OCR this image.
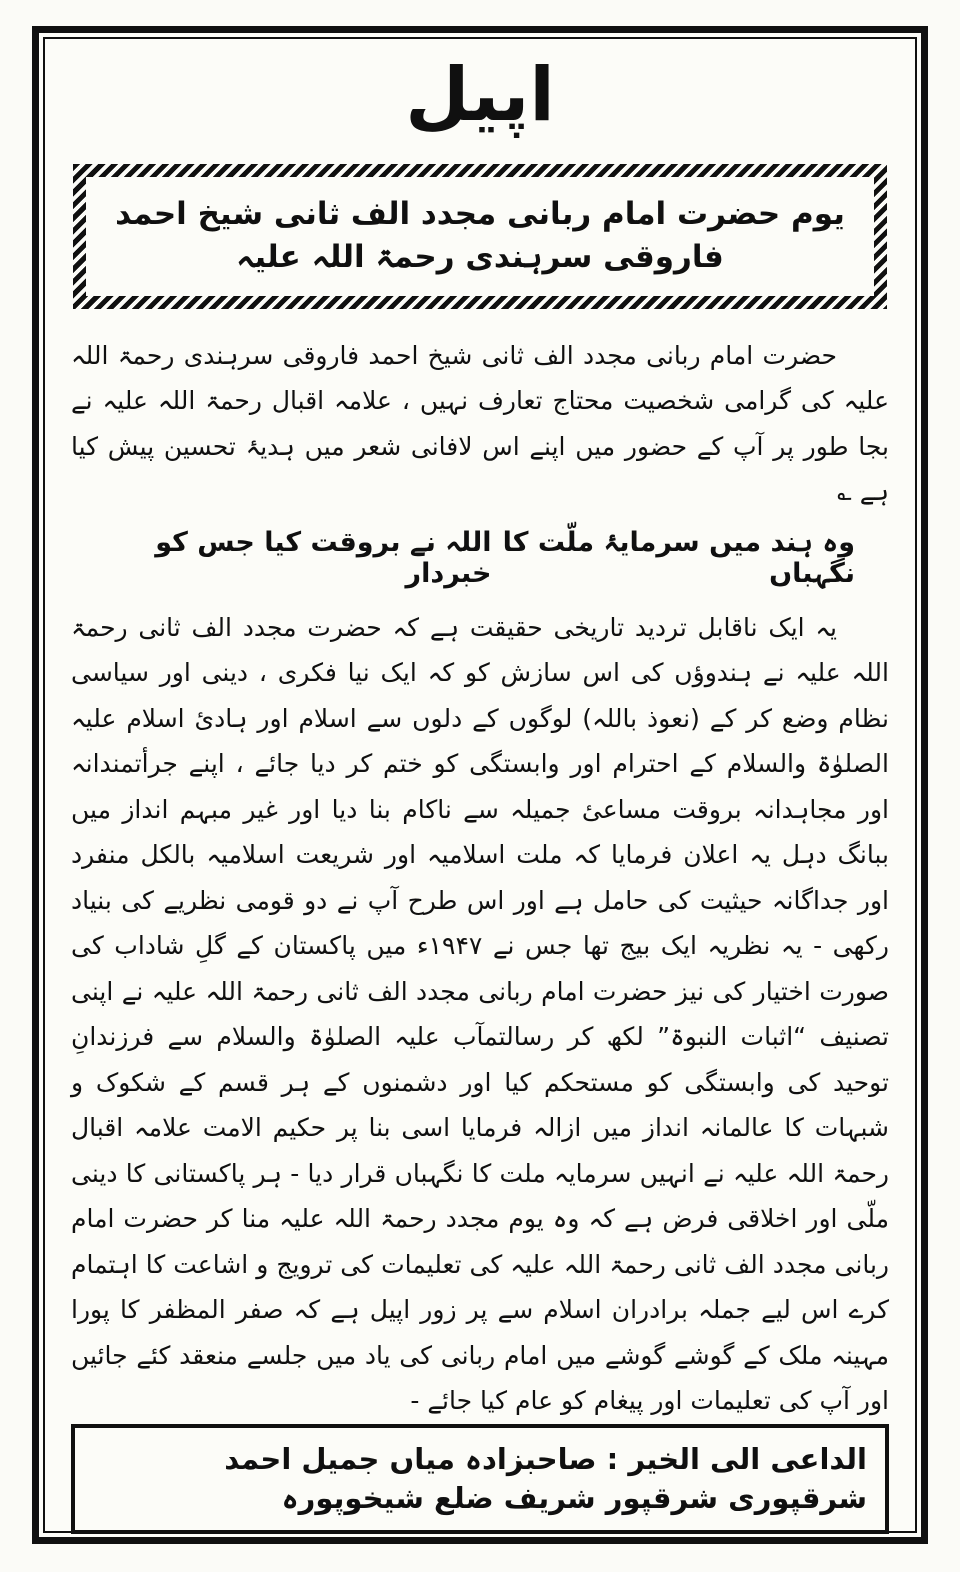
اپیل

یوم حضرت امام ربانی مجدد الف ثانی شیخ احمد فاروقی سرہندی رحمۃ اللہ علیہ

حضرت امام ربانی مجدد الف ثانی شیخ احمد فاروقی سرہندی رحمۃ اللہ علیہ کی گرامی شخصیت محتاج تعارف نہیں ، علامہ اقبال رحمۃ اللہ علیہ نے بجا طور پر آپ کے حضور میں اپنے اس لافانی شعر میں ہدیۂ تحسین پیش کیا ہے ؎

وہ ہند میں سرمایۂ ملّت کا نگہباں
اللہ نے بروقت کیا جس کو خبردار

یہ ایک ناقابل تردید تاریخی حقیقت ہے کہ حضرت مجدد الف ثانی رحمۃ اللہ علیہ نے ہندوؤں کی اس سازش کو کہ ایک نیا فکری ، دینی اور سیاسی نظام وضع کر کے (نعوذ باللہ) لوگوں کے دلوں سے اسلام اور ہادیٔ اسلام علیہ الصلوٰۃ والسلام کے احترام اور وابستگی کو ختم کر دیا جائے ، اپنے جرأتمندانہ اور مجاہدانہ بروقت مساعیٔ جمیلہ سے ناکام بنا دیا اور غیر مبہم انداز میں ببانگ دہل یہ اعلان فرمایا کہ ملت اسلامیہ اور شریعت اسلامیہ بالکل منفرد اور جداگانہ حیثیت کی حامل ہے اور اس طرح آپ نے دو قومی نظریے کی بنیاد رکھی - یہ نظریہ ایک بیج تھا جس نے ۱۹۴۷ء میں پاکستان کے گلِ شاداب کی صورت اختیار کی نیز حضرت امام ربانی مجدد الف ثانی رحمۃ اللہ علیہ نے اپنی تصنیف “اثبات النبوۃ” لکھ کر رسالتمآب علیہ الصلوٰۃ والسلام سے فرزندانِ توحید کی وابستگی کو مستحکم کیا اور دشمنوں کے ہر قسم کے شکوک و شبہات کا عالمانہ انداز میں ازالہ فرمایا اسی بنا پر حکیم الامت علامہ اقبال رحمۃ اللہ علیہ نے انہیں سرمایہ ملت کا نگہباں قرار دیا - ہر پاکستانی کا دینی ملّی اور اخلاقی فرض ہے کہ وہ یوم مجدد رحمۃ اللہ علیہ منا کر حضرت امام ربانی مجدد الف ثانی رحمۃ اللہ علیہ کی تعلیمات کی ترویج و اشاعت کا اہتمام کرے اس لیے جملہ برادران اسلام سے پر زور اپیل ہے کہ صفر المظفر کا پورا مہینہ ملک کے گوشے گوشے میں امام ربانی کی یاد میں جلسے منعقد کئے جائیں اور آپ کی تعلیمات اور پیغام کو عام کیا جائے -

الداعی الی الخیر : صاحبزادہ میاں جمیل احمد شرقپوری شرقپور شریف ضلع شیخوپورہ
